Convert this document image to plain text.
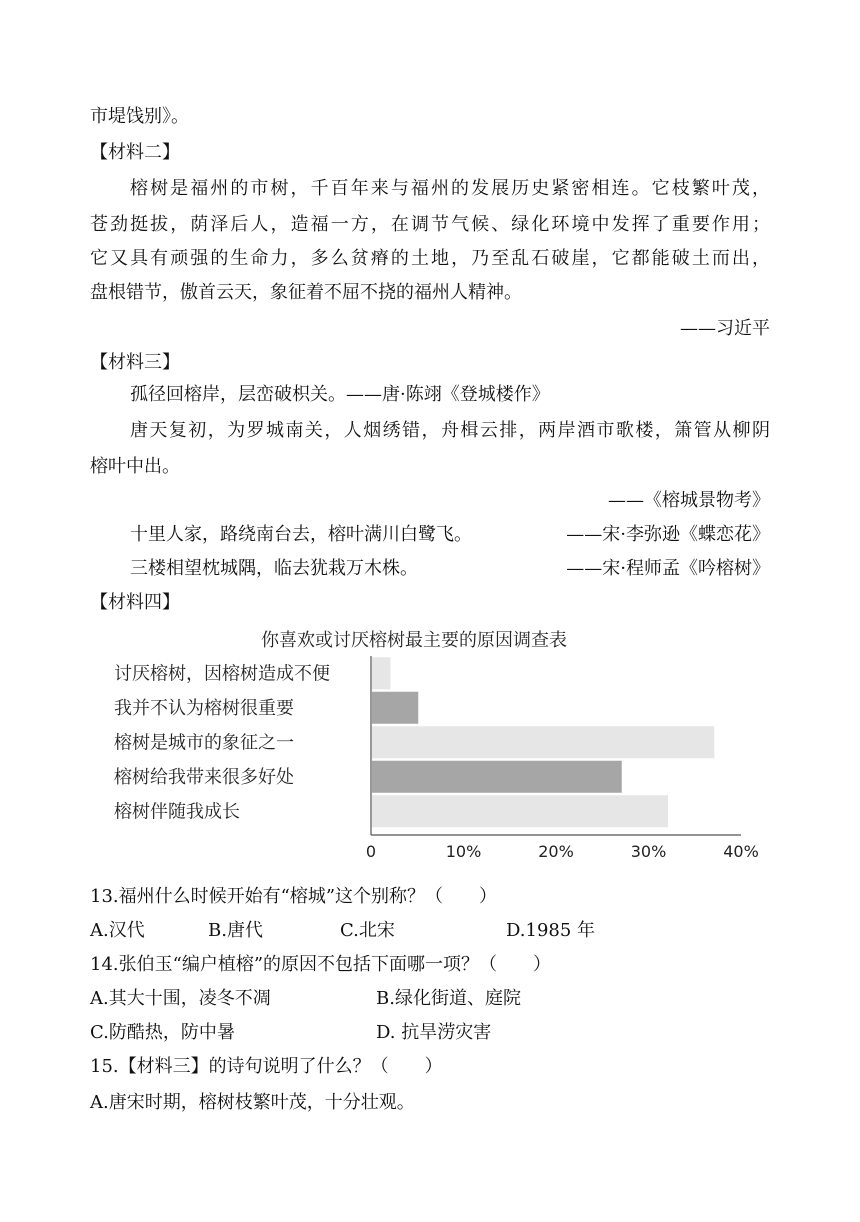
市堤饯别》。
【材料二】
榕树是福州的市树，千百年来与福州的发展历史紧密相连。它枝繁叶茂，
苍劲挺拔，荫泽后人，造福一方，在调节气候、绿化环境中发挥了重要作用；
它又具有顽强的生命力，多么贫瘠的土地，乃至乱石破崖，它都能破土而出，
盘根错节，傲首云天，象征着不屈不挠的福州人精神。
——习近平
【材料三】
孤径回榕岸，层峦破枳关。——唐·陈翊《登城楼作》
唐天复初，为罗城南关，人烟绣错，舟楫云排，两岸酒市歌楼，箫管从柳阴
榕叶中出。
——《榕城景物考》
十里人家，路绕南台去，榕叶满川白鹭飞。	——宋·李弥逊《蝶恋花》
三楼相望枕城隅，临去犹栽万木株。	——宋·程师孟《吟榕树》
【材料四】
你喜欢或讨厌榕树最主要的原因调查表
讨厌榕树，因榕树造成不便
我并不认为榕树很重要
榕树是城市的象征之一
榕树给我带来很多好处
榕树伴随我成长
0	10%	20%	30%	40%
13.福州什么时候开始有“榕城”这个别称？（　　）
A.汉代	B.唐代	C.北宋	D.1985 年
14.张伯玉“编户植榕”的原因不包括下面哪一项？（　　）
A.其大十围，凌冬不凋	B.绿化街道、庭院
C.防酷热，防中暑	D. 抗旱涝灾害
15.【材料三】的诗句说明了什么？（　　）
A.唐宋时期，榕树枝繁叶茂，十分壮观。
